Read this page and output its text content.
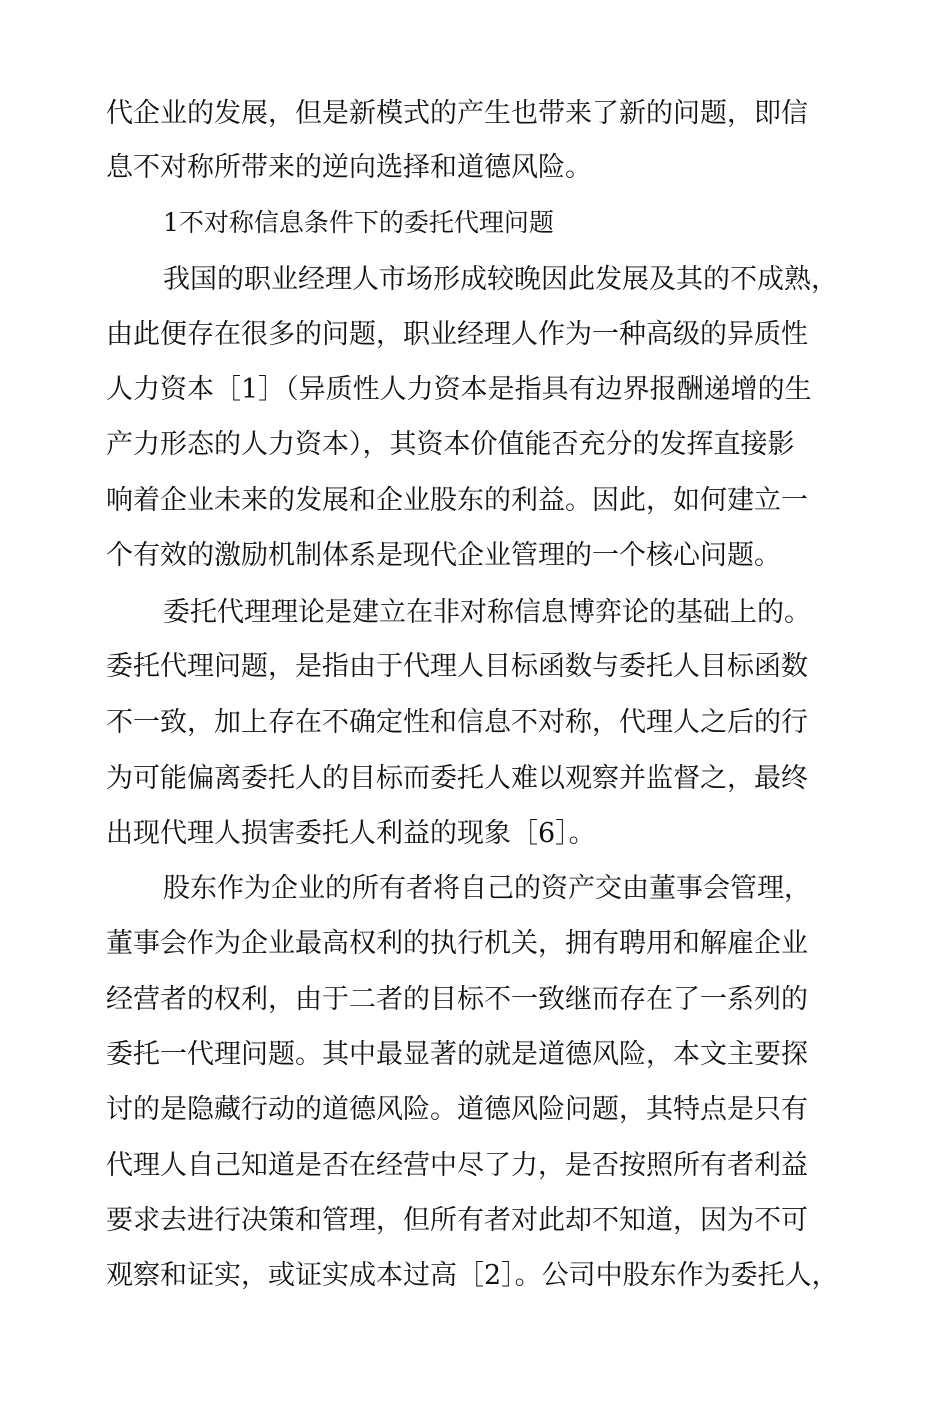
代企业的发展，但是新模式的产生也带来了新的问题，即信
息不对称所带来的逆向选择和道德风险。
1不对称信息条件下的委托代理问题
我国的职业经理人市场形成较晚因此发展及其的不成熟，
由此便存在很多的问题，职业经理人作为一种高级的异质性
人力资本［1］（异质性人力资本是指具有边界报酬递增的生
产力形态的人力资本），其资本价值能否充分的发挥直接影
响着企业未来的发展和企业股东的利益。因此，如何建立一
个有效的激励机制体系是现代企业管理的一个核心问题。
委托代理理论是建立在非对称信息博弈论的基础上的。
委托代理问题，是指由于代理人目标函数与委托人目标函数
不一致，加上存在不确定性和信息不对称，代理人之后的行
为可能偏离委托人的目标而委托人难以观察并监督之，最终
出现代理人损害委托人利益的现象［6］。
股东作为企业的所有者将自己的资产交由董事会管理，
董事会作为企业最高权利的执行机关，拥有聘用和解雇企业
经营者的权利，由于二者的目标不一致继而存在了一系列的
委托一代理问题。其中最显著的就是道德风险，本文主要探
讨的是隐藏行动的道德风险。道德风险问题，其特点是只有
代理人自己知道是否在经营中尽了力，是否按照所有者利益
要求去进行决策和管理，但所有者对此却不知道，因为不可
观察和证实，或证实成本过高［2］。公司中股东作为委托人，
